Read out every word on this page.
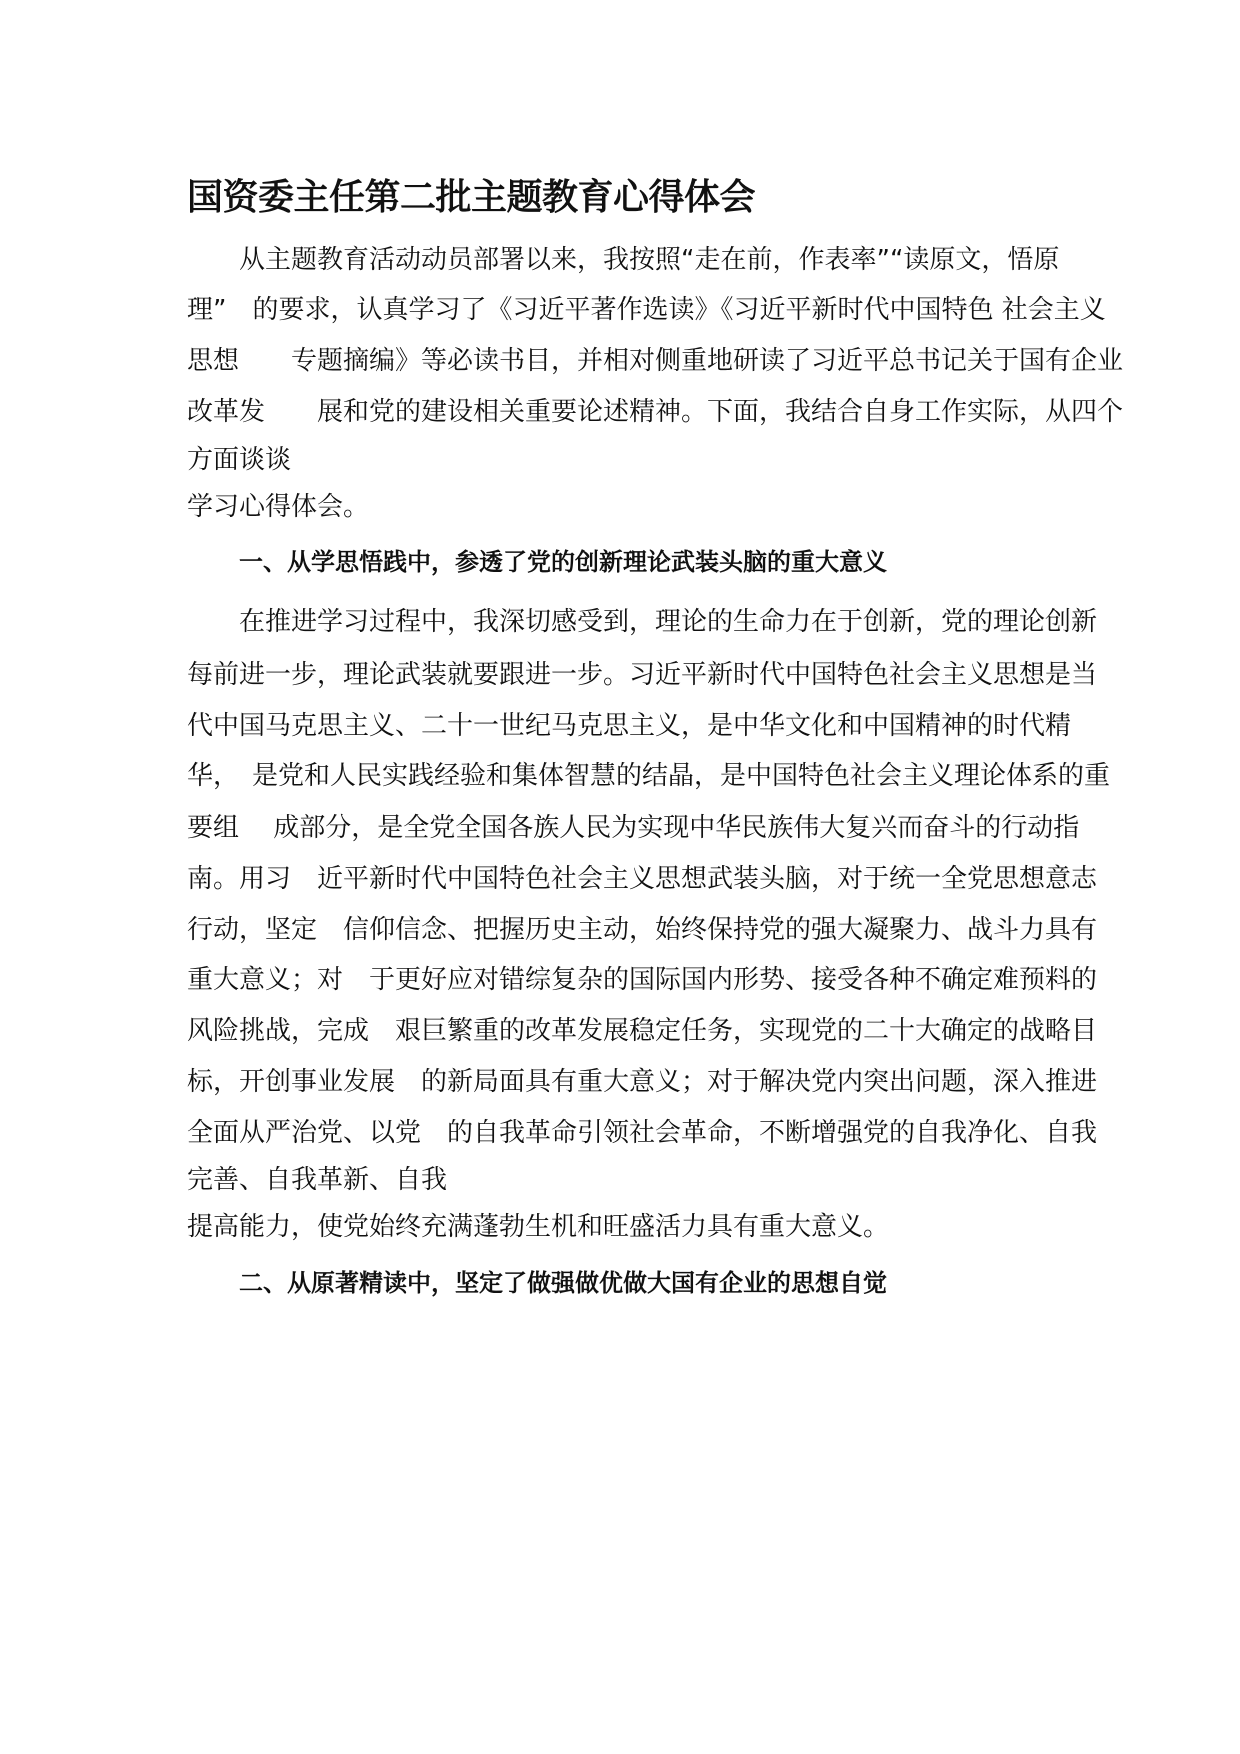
国资委主任第二批主题教育心得体会
从主题教育活动动员部署以来，我按照“走在前，作表率”“读原文，悟原
理”　的要求，认真学习了《习近平著作选读》《习近平新时代中国特色 社会主义
思想　　专题摘编》等必读书目，并相对侧重地研读了习近平总书记关于国有企业
改革发　　展和党的建设相关重要论述精神。下面，我结合自身工作实际，从四个
方面谈谈
学习心得体会。
一、从学思悟践中，参透了党的创新理论武装头脑的重大意义
在推进学习过程中，我深切感受到，理论的生命力在于创新，党的理论创新
每前进一步，理论武装就要跟进一步。习近平新时代中国特色社会主义思想是当
代中国马克思主义、二十一世纪马克思主义，是中华文化和中国精神的时代精
华，　是党和人民实践经验和集体智慧的结晶，是中国特色社会主义理论体系的重
要组　 成部分，是全党全国各族人民为实现中华民族伟大复兴而奋斗的行动指
南。用习　近平新时代中国特色社会主义思想武装头脑，对于统一全党思想意志
行动，坚定　信仰信念、把握历史主动，始终保持党的强大凝聚力、战斗力具有
重大意义；对　于更好应对错综复杂的国际国内形势、接受各种不确定难预料的
风险挑战，完成　艰巨繁重的改革发展稳定任务，实现党的二十大确定的战略目
标，开创事业发展　的新局面具有重大意义；对于解决党内突出问题，深入推进
全面从严治党、以党　的自我革命引领社会革命，不断增强党的自我净化、自我
完善、自我革新、自我
提高能力，使党始终充满蓬勃生机和旺盛活力具有重大意义。
二、从原著精读中，坚定了做强做优做大国有企业的思想自觉
